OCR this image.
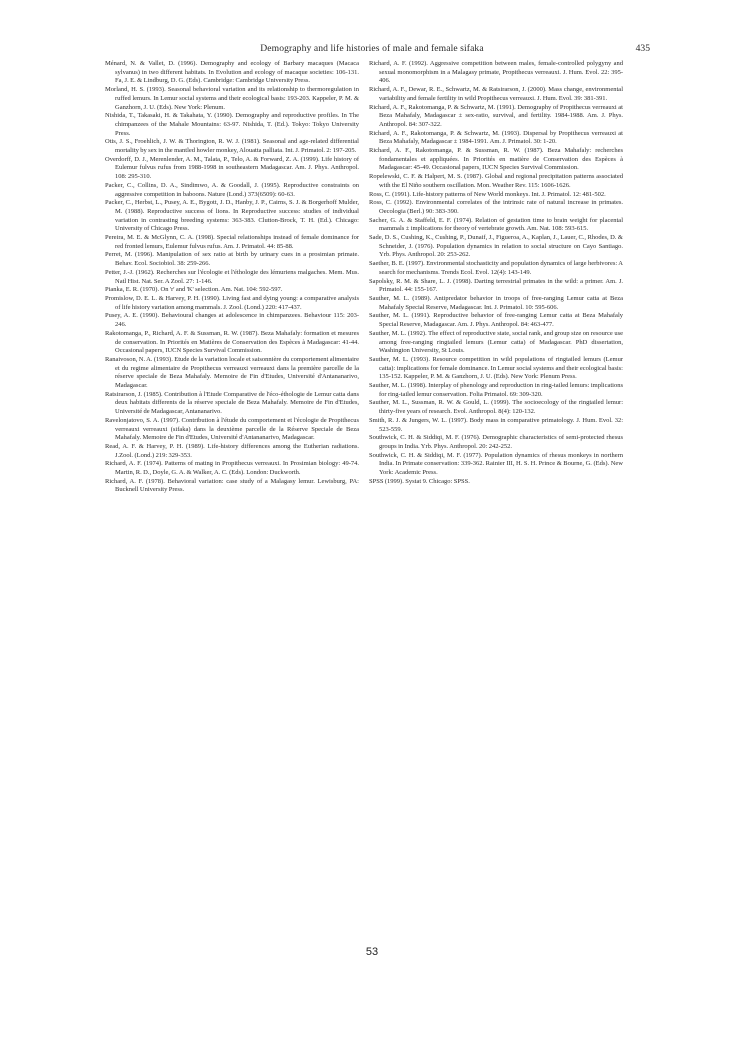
Demography and life histories of male and female sifaka	435

Ménard, N. & Vallet, D. (1996). Demography and ecology of Barbary macaques (Macaca sylvanus) in two different habitats. In Evolution and ecology of macaque societies: 106-131. Fa, J. E. & Lindburg, D. G. (Eds). Cambridge: Cambridge University Press.

Morland, H. S. (1993). Seasonal behavioral variation and its relationship to thermoregulation in ruffed lemurs. In Lemur social systems and their ecological basis: 193-203. Kappeler, P. M. & Ganzhorn, J. U. (Eds). New York: Plenum.

Nishida, T., Takasaki, H. & Takahata, Y. (1990). Demography and reproductive profiles. In The chimpanzees of the Mahale Mountains: 63-97. Nishida, T. (Ed.). Tokyo: Tokyo University Press.

Otis, J. S., Froehlich, J. W. & Thorington, R. W. J. (1981). Seasonal and age-related differential mortality by sex in the mantled howler monkey, Alouatta palliata. Int. J. Primatol. 2: 197-205.

Overdorff, D. J., Merenlender, A. M., Talata, P., Telo, A. & Forward, Z. A. (1999). Life history of Eulemur fulvus rufus from 1988-1998 in southeastern Madagascar. Am. J. Phys. Anthropol. 108: 295-310.

Packer, C., Collins, D. A., Sindimwo, A. & Goodall, J. (1995). Reproductive constraints on aggressive competition in baboons. Nature (Lond.) 373(6509): 60-63.

Packer, C., Herbst, L., Pusey, A. E., Bygott, J. D., Hanby, J. P., Cairns, S. J. & Borgerhoff Mulder, M. (1988). Reproductive success of lions. In Reproductive success: studies of individual variation in contrasting breeding systems: 363-383. Clutton-Brock, T. H. (Ed.). Chicago: University of Chicago Press.

Pereira, M. E. & McGlynn, C. A. (1998). Special relationships instead of female dominance for red fronted lemurs, Eulemur fulvus rufus. Am. J. Primatol. 44: 85-88.

Perret, M. (1996). Manipulation of sex ratio at birth by urinary cues in a prosimian primate. Behav. Ecol. Sociobiol. 38: 259-266.

Petter, J.-J. (1962). Recherches sur l'écologie et l'éthologie des lémuriens malgaches. Mem. Mus. Natl Hist. Nat. Ser. A Zool. 27: 1-146.

Pianka, E. R. (1970). On 'r' and 'K' selection. Am. Nat. 104: 592-597.

Promislow, D. E. L. & Harvey, P. H. (1990). Living fast and dying young: a comparative analysis of life history variation among mammals. J. Zool. (Lond.) 220: 417-437.

Pusey, A. E. (1990). Behavioural changes at adolescence in chimpanzees. Behaviour 115: 203-246.

Rakotomanga, P., Richard, A. F. & Sussman, R. W. (1987). Beza Mahafaly: formation et mesures de conservation. In Priorités en Matières de Conservation des Espèces à Madagascar: 41-44. Occasional papers, IUCN Species Survival Commission.

Ranaivoson, N. A. (1993). Etude de la variation locale et saisonnière du comportement alimentaire et du regime alimentaire de Propithecus verreauxi verreauxi dans la première parcelle de la réserve speciale de Beza Mahafaly. Memoire de Fin d'Etudes, Université d'Antananarivo, Madagascar.

Ratsirarson, J. (1985). Contribution à l'Etude Comparative de l'éco-éthologie de Lemur catta dans deux habitats differents de la réserve speciale de Beza Mahafaly. Memoire de Fin d'Etudes, Université de Madagascar, Antananarivo.

Ravelonjatovo, S. A. (1997). Contribution à l'étude du comportement et l'écologie de Propithecus verreauxi verreauxi (sifaka) dans la deuxième parcelle de la Réserve Speciale de Beza Mahafaly. Memoire de Fin d'Etudes, Université d'Antananarivo, Madagascar.

Read, A. F. & Harvey, P. H. (1989). Life-history differences among the Eutherian radiations. J.Zool. (Lond.) 219: 329-353.

Richard, A. F. (1974). Patterns of mating in Propithecus verreauxi. In Prosimian biology: 49-74. Martin, R. D., Doyle, G. A. & Walker, A. C. (Eds). London: Duckworth.

Richard, A. F. (1978). Behavioral variation: case study of a Malagasy lemur. Lewisburg, PA: Bucknell University Press.

Richard, A. F. (1992). Aggressive competition between males, female-controlled polygyny and sexual monomorphism in a Malagasy primate, Propithecus verreauxi. J. Hum. Evol. 22: 395-406.

Richard, A. F., Dewar, R. E., Schwartz, M. & Ratsirarson, J. (2000). Mass change, environmental variability and female fertility in wild Propithecus verreauxi. J. Hum. Evol. 39: 381-391.

Richard, A. F., Rakotomanga, P. & Schwartz, M. (1991). Demography of Propithecus verreauxi at Beza Mahafaly, Madagascar ± sex-ratio, survival, and fertility. 1984-1988. Am. J. Phys. Anthropol. 84: 307-322.

Richard, A. F., Rakotomanga, P. & Schwartz, M. (1993). Dispersal by Propithecus verreauxi at Beza Mahafaly, Madagascar ± 1984-1991. Am. J. Primatol. 30: 1-20.

Richard, A. F., Rakotomanga, P. & Sussman, R. W. (1987). Beza Mahafaly: recherches fondamentales et appliquées. In Priorités en matière de Conservation des Espèces à Madagascar: 45-49. Occasional papers, IUCN Species Survival Commission.

Ropelewski, C. F. & Halpert, M. S. (1987). Global and regional precipitation patterns associated with the El Niño southern oscillation. Mon. Weather Rev. 115: 1606-1626.

Ross, C. (1991). Life-history patterns of New World monkeys. Int. J. Primatol. 12: 481-502.

Ross, C. (1992). Environmental correlates of the intrinsic rate of natural increase in primates. Oecologia (Berl.) 90: 383-390.

Sacher, G. A. & Staffeld, E. F. (1974). Relation of gestation time to brain weight for placental mammals ± implications for theory of vertebrate growth. Am. Nat. 108: 593-615.

Sade, D. S., Cushing, K., Cushing, P., Dunaif, J., Figueroa, A., Kaplan, J., Lauer, C., Rhodes, D. & Schneider, J. (1976). Population dynamics in relation to social structure on Cayo Santiago. Yrb. Phys. Anthropol. 20: 253-262.

Saether, B. E. (1997). Environmental stochasticity and population dynamics of large herbivores: A search for mechanisms. Trends Ecol. Evol. 12(4): 143-149.

Sapolsky, R. M. & Share, L. J. (1998). Darting terrestrial primates in the wild: a primer. Am. J. Primatol. 44: 155-167.

Sauther, M. L. (1989). Antipredator behavior in troops of free-ranging Lemur catta at Beza Mahafaly Special Reserve, Madagascar. Int. J. Primatol. 10: 595-606.

Sauther, M. L. (1991). Reproductive behavior of free-ranging Lemur catta at Beza Mahafaly Special Reserve, Madagascar. Am. J. Phys. Anthropol. 84: 463-477.

Sauther, M. L. (1992). The effect of reproductive state, social rank, and group size on resource use among free-ranging ringtailed lemurs (Lemur catta) of Madagascar. PhD dissertation, Washington University, St Louis.

Sauther, M. L. (1993). Resource competition in wild populations of ringtailed lemurs (Lemur catta): implications for female dominance. In Lemur social systems and their ecological basis: 135-152. Kappeler, P. M. & Ganzhorn, J. U. (Eds). New York: Plenum Press.

Sauther, M. L. (1998). Interplay of phenology and reproduction in ring-tailed lemurs: implications for ring-tailed lemur conservation. Folia Primatol. 69: 309-320.

Sauther, M. L., Sussman, R. W. & Gould, L. (1999). The socioecology of the ringtailed lemur: thirty-five years of research. Evol. Anthropol. 8(4): 120-132.

Smith, R. J. & Jungers, W. L. (1997). Body mass in comparative primatology. J. Hum. Evol. 32: 523-559.

Southwick, C. H. & Siddiqi, M. F. (1976). Demographic characteristics of semi-protected rhesus groups in India. Yrb. Phys. Anthropol. 20: 242-252.

Southwick, C. H. & Siddiqi, M. F. (1977). Population dynamics of rhesus monkeys in northern India. In Primate conservation: 339-362. Rainier III, H. S. H. Prince & Bourne, G. (Eds). New York: Academic Press.

SPSS (1999). Systat 9. Chicago: SPSS.

53
